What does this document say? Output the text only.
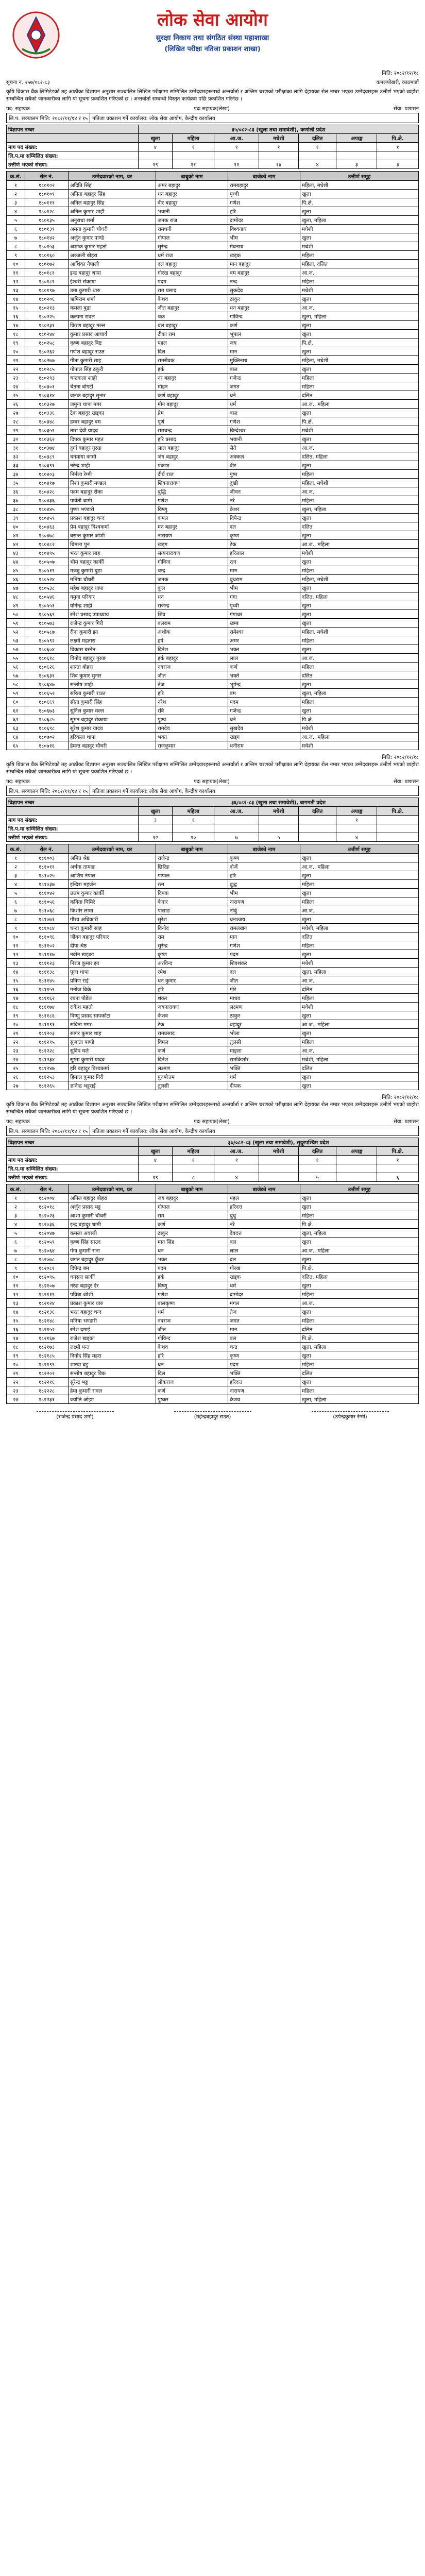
लोक सेवा आयोग
सुरक्षा निकाय तथा संगठित संस्था महाशाखा
(लिखित परीक्षा नतिजा प्रकाशन शाखा)
मिति: २०८२/१२/१८
सूचना नं. २५७/०८२-८३	कमलपोखरी, काठमाडौं
कृषि विकास बैंक लिमिटेडको तह आठौंका विज्ञापन अनुसार सञ्चालित लिखित परीक्षामा सम्मिलित उम्मेदवारहरूमध्ये अन्तर्वार्ता र अन्तिम चरणको परीक्षाका लागि देहायका रोल नम्बर भएका उम्मेदवारहरू उत्तीर्ण भएको व्यहोरा सम्बन्धित सबैको जानकारीका लागि यो सूचना प्रकाशित गरिएको छ । अन्तर्वार्ता सम्बन्धी विस्तृत कार्यक्रम पछि प्रकाशित गरिनेछ ।
पद: सहायक	पदः सहायक(लेखा)	सेवा: प्रशासन
लि.प. सञ्चालन मिति: २०८२/११/१४ र १५ नतिजा प्रकाशन गर्ने कार्यालय: लोक सेवा आयोग, केन्द्रीय कार्यालय
विज्ञापन नम्बर	३५/०८२-८३ (खुला तथा समावेशी), कर्णाली प्रदेश						
	खुला	महिला	आ.ज.	मधेशी	दलित	अपाङ्ग	पि.क्षे.
माग पद संख्या:	४	१	१	१	१		१
लि.प.मा सम्मिलित संख्या:							
उत्तीर्ण भएको संख्या:	१९	११	११	१४	४	३	३
क.सं.	रोल नं.	उम्मेदवारको नाम, थर	बाबुको नाम	बाजेको नाम	उत्तीर्ण समूह
१	१८०१०२	अदिति सिंह	अमर बहादुर	रामबहादुर	महिला, मधेशी
२	१८०१०९	अनिता बहादुर सिंह	धन बहादुर	पृथ्वी	खुला
३	१८०१११	अनिल बहादुर सिंह	वीर बहादुर	गणेश	पि.क्षे.
४	१८०१२८	अनिल कुमार शाही	भवानी	हरि	खुला
५	१८०१३५	अनुराधा शर्मा	जनक राज	दामोदर	खुला, महिला
६	१८०१३९	अमृता कुमारी चौधरी	रामधनी	विश्वनाथ	मधेशी
७	१८०१४२	अर्जुन कुमार पाण्डे	गोपाल	भीम	खुला
८	१८०१५३	अशोक कुमार महतो	सुरेन्द्र	मेघनाथ	मधेशी
९	१८०१६०	अञ्जली बोहरा	धर्म राज	खड्क	महिला
१०	१८०१७२	आशिका नेपाली	दल बहादुर	मान बहादुर	महिला, दलित
११	१८०१८१	इन्द्र बहादुर थापा	गोरख बहादुर	बम बहादुर	आ.ज.
१२	१८०१८९	ईश्वरी रोकाया	पदम	नन्द	महिला
१३	१८०१९७	उमा कुमारी थारु	राम प्रसाद	सुकदेव	मधेशी
१४	१८०२०६	ऋषिराम शर्मा	केशव	ठाकुर	खुला
१५	१८०२१३	कमला बुढा	जीत बहादुर	धन बहादुर	आ.ज.
१६	१८०२२५	कल्पना रावल	चक्र	गोविन्द	खुला, महिला
१७	१८०२३१	किरण बहादुर मल्ल	बल बहादुर	कर्ण	खुला
१८	१८०२४४	कुमार प्रसाद आचार्य	टीका राम	भूपाल	खुला
१९	१८०२५८	कृष्ण बहादुर बिष्ट	पहल	जय	पि.क्षे.
२०	१८०२६२	गणेश बहादुर राउत	दिल	मान	खुला
२१	१८०२७७	गीता कुमारी साह	रामसेवक	मुक्तिनाथ	महिला, मधेशी
२२	१८०२८५	गोपाल सिंह ठकुरी	हर्क	बाल	खुला
२३	१८०२९३	चन्द्रकला शाही	नर बहादुर	गजेन्द्र	महिला
२४	१८०३०१	चेतना बोगटी	मोहन	जगत	महिला
२५	१८०३१४	जनक बहादुर सुनार	कर्ण बहादुर	धने	दलित
२६	१८०३२७	जमुना थापा मगर	मीन बहादुर	धर्म	आ.ज., महिला
२७	१८०३३६	टेक बहादुर खड्का	प्रेम	बाल	खुला
२८	१८०३४८	डम्बर बहादुर बम	पूर्ण	गणेश	पि.क्षे.
२९	१८०३५९	तारा देवी यादव	रामचन्द्र	बिन्देश्वर	मधेशी
३०	१८०३६२	दिपक कुमार महत	हरि प्रसाद	भवानी	खुला
३१	१८०३७४	दुर्गा बहादुर गुरुङ	लाल बहादुर	सेते	आ.ज.
३२	१८०३८९	धनमाया कामी	जंग बहादुर	अक्कल	दलित, महिला
३३	१८०३९१	नरेन्द्र शाही	प्रकाश	वीर	खुला
३४	१८०४०३	निर्मला रेग्मी	दीर्घ राज	पुष्प	महिला
३५	१८०४१७	निशा कुमारी मण्डल	शिवनारायण	दुखी	महिला, मधेशी
३६	१८०४२८	पदम बहादुर रोका	बुद्धि	जीवन	आ.ज.
३७	१८०४३६	पार्वती धामी	गणेश	नरे	महिला
३८	१८०४४५	पुष्पा भण्डारी	विष्णु	केशर	खुला, महिला
३९	१८०४५९	प्रकाश बहादुर चन्द	कमल	दिपेन्द्र	खुला
४०	१८०४६३	प्रेम बहादुर विश्वकर्मा	मन बहादुर	दल	दलित
४१	१८०४७८	बसन्त कुमार जोशी	नारायण	कृष्ण	खुला
४२	१८०४८२	बिमला पुन	खड्ग	टेक	आ.ज., महिला
४३	१८०४९५	भरत कुमार साह	सत्यनारायण	हरिलाल	मधेशी
४४	१८०५०७	भीम बहादुर कार्की	गोविन्द	रत्न	खुला
४५	१८०५१९	मञ्जु कुमारी बुढा	चन्द्र	मान	महिला
४६	१८०५२४	मनिषा चौधरी	जनक	बुधराम	महिला, मधेशी
४७	१८०५३८	महेश बहादुर थापा	कुल	भीम	खुला
४८	१८०५४६	यमुना परियार	धन	गंगा	दलित, महिला
४९	१८०५५१	योगेन्द्र शाही	राजेन्द्र	पृथ्वी	खुला
५०	१८०५६९	रमेश प्रसाद उपाध्याय	शिव	गंगाधर	खुला
५१	१८०५७३	राजेन्द्र कुमार गिरी	बलराम	खम्ब	खुला
५२	१८०५८७	रीना कुमारी झा	अशोक	रामेश्वर	महिला, मधेशी
५३	१८०५९२	लक्ष्मी महतारा	हर्ष	अमर	महिला
५४	१८०६०४	विकास बस्नेत	दिनेश	भक्त	खुला
५५	१८०६१८	विनोद बहादुर गुरुङ	हर्क बहादुर	लाल	आ.ज.
५६	१८०६२६	शान्ता बोहरा	नवराज	कर्ण	महिला
५७	१८०६३१	शिव कुमार सुनार	जीत	भक्ते	दलित
५८	१८०६४७	सन्तोष शाही	तेज	भूपेन्द्र	खुला
५९	१८०६५२	सरिता कुमारी राउत	हरि	बम	खुला, महिला
६०	१८०६६९	सीता कुमारी सिंह	नरेश	पदम	महिला
६१	१८०६७३	सुनिल कुमार मल्ल	रवि	गजेन्द्र	खुला
६२	१८०६८५	सुमन बहादुर रोकाया	पुण्य	धने	पि.क्षे.
६३	१८०६९८	सुरेश कुमार यादव	रामदेव	सुखदेव	मधेशी
६४	१८०७०२	हरिकला थापा	भक्त	खड्ग	आ.ज., महिला
६५	१८०७१६	हेमन्त बहादुर चौधरी	राजकुमार	धनीराम	मधेशी
मिति: २०८२/१२/१८
कृषि विकास बैंक लिमिटेडको तह आठौंका विज्ञापन अनुसार सञ्चालित लिखित परीक्षामा सम्मिलित उम्मेदवारहरूमध्ये अन्तर्वार्ता र अन्तिम चरणको परीक्षाका लागि देहायका रोल नम्बर भएका उम्मेदवारहरू उत्तीर्ण भएको व्यहोरा सम्बन्धित सबैको जानकारीका लागि यो सूचना प्रकाशित गरिएको छ ।
पद: सहायक	पदः सहायक(लेखा)	सेवा: प्रशासन
लि.प. सञ्चालन मिति: २०८२/११/१४ र १५ नतिजा प्रकाशन गर्ने कार्यालय: लोक सेवा आयोग, केन्द्रीय कार्यालय
विज्ञापन नम्बर	३६/०८२-८३ (खुला तथा समावेशी), बागमती प्रदेश						
	खुला	महिला	आ.ज.	मधेशी	दलित	अपाङ्ग	पि.क्षे.
माग पद संख्या:	३	१				१	
लि.प.मा सम्मिलित संख्या:							
उत्तीर्ण भएको संख्या:	१२	१०	७	५		४	
क.सं.	रोल नं.	उम्मेदवारको नाम, थर	बाबुको नाम	बाजेको नाम	उत्तीर्ण समूह
१	१८१००३	अमित श्रेष्ठ	राजेन्द्र	कृष्ण	खुला
२	१८१०११	अर्चना तामाङ	छिरिङ	दोर्जे	आ.ज., महिला
३	१८१०२५	आशिष नेपाल	गोपाल	हरि	खुला
४	१८१०३७	इन्दिरा महर्जन	रत्न	बुद्ध	महिला
५	१८१०४२	उत्तम कुमार कार्की	दिपक	भीम	खुला
६	१८१०५६	कविता घिमिरे	केदार	नारायण	महिला
७	१८१०६८	किशोर लामा	पासाङ	नोर्बु	आ.ज.
८	१८१०७१	गौरव अधिकारी	सुरेश	धनञ्जय	खुला
९	१८१०८४	चन्दा कुमारी साह	विनोद	रामलखन	मधेशी, महिला
१०	१८१०९६	जीवन बहादुर परियार	राम	मान	दलित
११	१८११०२	दीपा श्रेष्ठ	सुरेन्द्र	गणेश	महिला
१२	१८१११७	नवीन खड्का	कृष्ण	पदम	खुला
१३	१८११२३	निरज कुमार झा	अरविन्द	शिवशंकर	मधेशी
१४	१८११३८	पूजा थापा	रमेश	दल	खुला, महिला
१५	१८११४५	प्रविण राई	धन कुमार	जीत	आ.ज.
१६	१८११५९	मनोज बिके	हरि	गोरे	दलित
१७	१८११६२	रचना पौडेल	शंकर	माधव	महिला
१८	१८११७४	राकेश महतो	जयनारायण	लक्ष्मण	मधेशी
१९	१८११८६	विष्णु प्रसाद सापकोटा	केशव	ठाकुर	खुला
२०	१८११९१	सविना मगर	टेक	बहादुर	आ.ज., महिला
२१	१८१२०३	सागर कुमार शाह	रामप्रसाद	भोला	खुला
२२	१८१२१५	सुजाता पाण्डे	विमल	तुलसी	महिला
२३	१८१२२८	सुदिप घले	कर्ण	माइला	आ.ज.
२४	१८१२३४	सुष्मा कुमारी यादव	दिनेश	रामकिशोर	मधेशी, महिला
२५	१८१२४७	हरि बहादुर विश्वकर्मा	लक्ष्मण	भक्ति	दलित
२६	१८१२५३	हिमाल कुमार गिरी	पुरुषोत्तम	धर्म	खुला
२७	१८१२६५	ज्ञानेन्द्र भट्टराई	तुलसी	दीपक	खुला
मिति: २०८२/१२/१८
कृषि विकास बैंक लिमिटेडको तह आठौंका विज्ञापन अनुसार सञ्चालित लिखित परीक्षामा सम्मिलित उम्मेदवारहरूमध्ये अन्तर्वार्ता र अन्तिम चरणको परीक्षाका लागि देहायका रोल नम्बर भएका उम्मेदवारहरू उत्तीर्ण भएको व्यहोरा सम्बन्धित सबैको जानकारीका लागि यो सूचना प्रकाशित गरिएको छ ।
पद: सहायक	पदः सहायक(लेखा)	सेवा: प्रशासन
लि.प. सञ्चालन मिति: २०८२/११/१४ र १५ नतिजा प्रकाशन गर्ने कार्यालय: लोक सेवा आयोग, केन्द्रीय कार्यालय
विज्ञापन नम्बर	३७/०८२-८३ (खुला तथा समावेशी), सुदूरपश्चिम प्रदेश						
	खुला	महिला	आ.ज.	मधेशी	दलित	अपाङ्ग	पि.क्षे.
माग पद संख्या:	४	१	१		१		१
लि.प.मा सम्मिलित संख्या:							
उत्तीर्ण भएको संख्या:	१९	८	४		५		६
क.सं.	रोल नं.	उम्मेदवारको नाम, थर	बाबुको नाम	बाजेको नाम	उत्तीर्ण समूह
१	१८२००४	अनिल बहादुर बोहरा	जय बहादुर	पहल	खुला
२	१८२०१८	अर्जुन प्रसाद भट्ट	गोपाल	हरिदत्त	खुला
३	१८२०२३	आशा कुमारी चौधरी	राम	बुधु	महिला
४	१८२०३६	इन्द्र बहादुर धामी	कर्ण	नरे	पि.क्षे.
५	१८२०४७	कमला अवस्थी	ठाकुर	देवदत्त	खुला, महिला
६	१८२०५९	कृष्ण सिंह साउद	मान सिंह	बल	खुला
७	१८२०६४	गंगा कुमारी राना	धन	लाल	आ.ज., महिला
८	१८२०७८	जगत बहादुर कुँवर	भक्त	दल	खुला
९	१८२०८१	दिपेन्द्र बम	पदम	गोरख	पि.क्षे.
१०	१८२०९५	धनसरा सार्की	हर्क	खड्क	दलित, महिला
११	१८२१०७	नरेश बहादुर ऐर	विष्णु	धर्म	खुला
१२	१८२११९	पवित्रा जोशी	गणेश	दामोदर	महिला
१३	१८२१२४	प्रकाश कुमार थारु	बालकृष्ण	मंगल	आ.ज.
१४	१८२१३६	भरत बहादुर चन्द	धर्म	तेज	खुला
१५	१८२१४८	मनिषा भण्डारी	नवराज	जगत	महिला
१६	१८२१५२	रमेश दमाई	जीत	मान	दलित
१७	१८२१६७	राजेश खड्का	गोविन्द	बल	पि.क्षे.
१८	१८२१७३	लक्ष्मी पन्त	केशव	चन्द्र	खुला, महिला
१९	१८२१८५	विनोद सिंह महरा	हरि	कृष्ण	खुला
२०	१८२१९९	शारदा बडु	धन	पदम	महिला
२१	१८२२०२	सन्तोष बहादुर विक	दिल	भक्ति	दलित
२२	१८२२१६	सुरेन्द्र भट्ट	लोकराज	हरिदत्त	खुला
२३	१८२२२८	हेमा कुमारी रावल	कर्ण	नारायण	महिला
२४	१८२२३१	ज्योति ओझा	पुष्कर	केशव	खुला, महिला
(राजेन्द्र प्रसाद शर्मा)	(महेन्द्रबहादुर राउत)	(उपेन्द्रकुमार रेग्मी)
